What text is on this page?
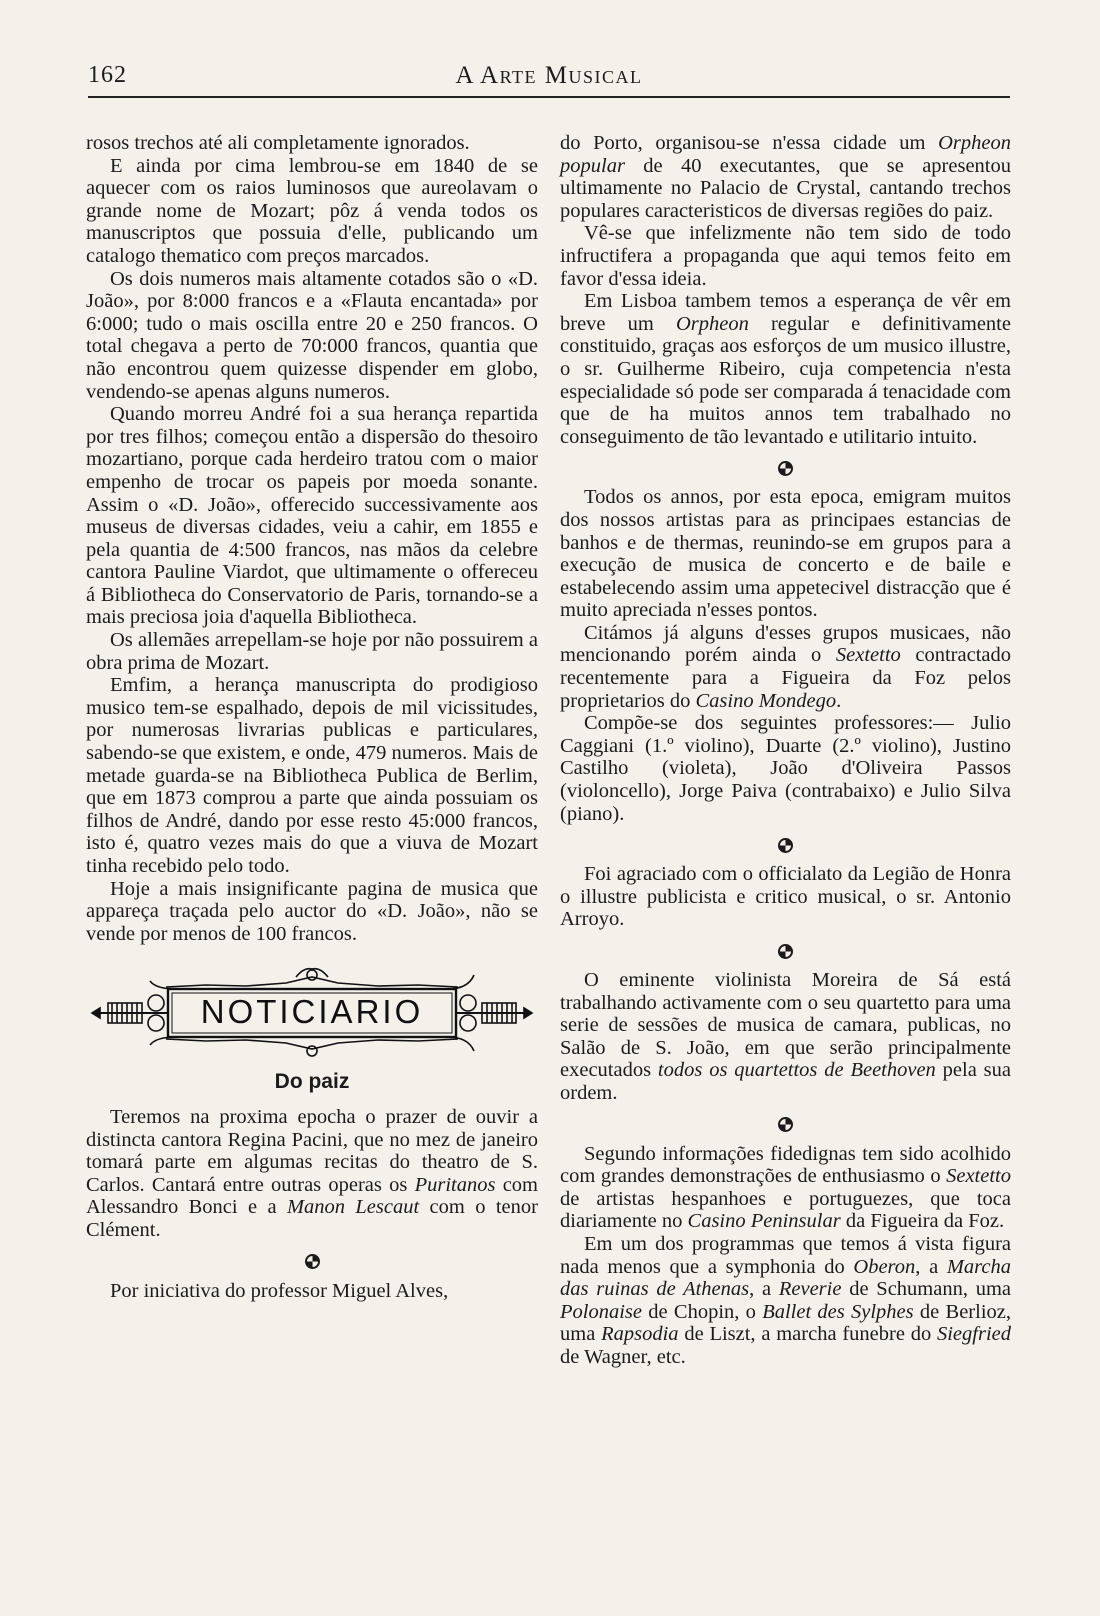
162	A Arte Musical

rosos trechos até ali completamente ignorados.

E ainda por cima lembrou-se em 1840 de se aquecer com os raios luminosos que aureolavam o grande nome de Mozart; pôz á venda todos os manuscriptos que possuia d'elle, publicando um catalogo thematico com preços marcados.

Os dois numeros mais altamente cotados são o «D. João», por 8:000 francos e a «Flauta encantada» por 6:000; tudo o mais oscilla entre 20 e 250 francos. O total chegava a perto de 70:000 francos, quantia que não encontrou quem quizesse dispender em globo, vendendo-se apenas alguns numeros.

Quando morreu André foi a sua herança repartida por tres filhos; começou então a dispersão do thesoiro mozartiano, porque cada herdeiro tratou com o maior empenho de trocar os papeis por moeda sonante. Assim o «D. João», offerecido successivamente aos museus de diversas cidades, veiu a cahir, em 1855 e pela quantia de 4:500 francos, nas mãos da celebre cantora Pauline Viardot, que ultimamente o offereceu á Bibliotheca do Conservatorio de Paris, tornando-se a mais preciosa joia d'aquella Bibliotheca.

Os allemães arrepellam-se hoje por não possuirem a obra prima de Mozart.

Emfim, a herança manuscripta do prodigioso musico tem-se espalhado, depois de mil vicissitudes, por numerosas livrarias publicas e particulares, sabendo-se que existem, e onde, 479 numeros. Mais de metade guarda-se na Bibliotheca Publica de Berlim, que em 1873 comprou a parte que ainda possuiam os filhos de André, dando por esse resto 45:000 francos, isto é, quatro vezes mais do que a viuva de Mozart tinha recebido pelo todo.

Hoje a mais insignificante pagina de musica que appareça traçada pelo auctor do «D. João», não se vende por menos de 100 francos.

NOTICIARIO
Do paiz

Teremos na proxima epocha o prazer de ouvir a distincta cantora Regina Pacini, que no mez de janeiro tomará parte em algumas recitas do theatro de S. Carlos. Cantará entre outras operas os Puritanos com Alessandro Bonci e a Manon Lescaut com o tenor Clément.

Por iniciativa do professor Miguel Alves,

do Porto, organisou-se n'essa cidade um Orpheon popular de 40 executantes, que se apresentou ultimamente no Palacio de Crystal, cantando trechos populares caracteristicos de diversas regiões do paiz.

Vê-se que infelizmente não tem sido de todo infructifera a propaganda que aqui temos feito em favor d'essa ideia.

Em Lisboa tambem temos a esperança de vêr em breve um Orpheon regular e definitivamente constituido, graças aos esforços de um musico illustre, o sr. Guilherme Ribeiro, cuja competencia n'esta especialidade só pode ser comparada á tenacidade com que de ha muitos annos tem trabalhado no conseguimento de tão levantado e utilitario intuito.

Todos os annos, por esta epoca, emigram muitos dos nossos artistas para as principaes estancias de banhos e de thermas, reunindo-se em grupos para a execução de musica de concerto e de baile e estabelecendo assim uma appetecivel distracção que é muito apreciada n'esses pontos.

Citámos já alguns d'esses grupos musicaes, não mencionando porém ainda o Sextetto contractado recentemente para a Figueira da Foz pelos proprietarios do Casino Mondego.

Compõe-se dos seguintes professores:— Julio Caggiani (1.º violino), Duarte (2.º violino), Justino Castilho (violeta), João d'Oliveira Passos (violoncello), Jorge Paiva (contrabaixo) e Julio Silva (piano).

Foi agraciado com o officialato da Legião de Honra o illustre publicista e critico musical, o sr. Antonio Arroyo.

O eminente violinista Moreira de Sá está trabalhando activamente com o seu quartetto para uma serie de sessões de musica de camara, publicas, no Salão de S. João, em que serão principalmente executados todos os quartettos de Beethoven pela sua ordem.

Segundo informações fidedignas tem sido acolhido com grandes demonstrações de enthusiasmo o Sextetto de artistas hespanhoes e portuguezes, que toca diariamente no Casino Peninsular da Figueira da Foz.

Em um dos programmas que temos á vista figura nada menos que a symphonia do Oberon, a Marcha das ruinas de Athenas, a Reverie de Schumann, uma Polonaise de Chopin, o Ballet des Sylphes de Berlioz, uma Rapsodia de Liszt, a marcha funebre do Siegfried de Wagner, etc.
